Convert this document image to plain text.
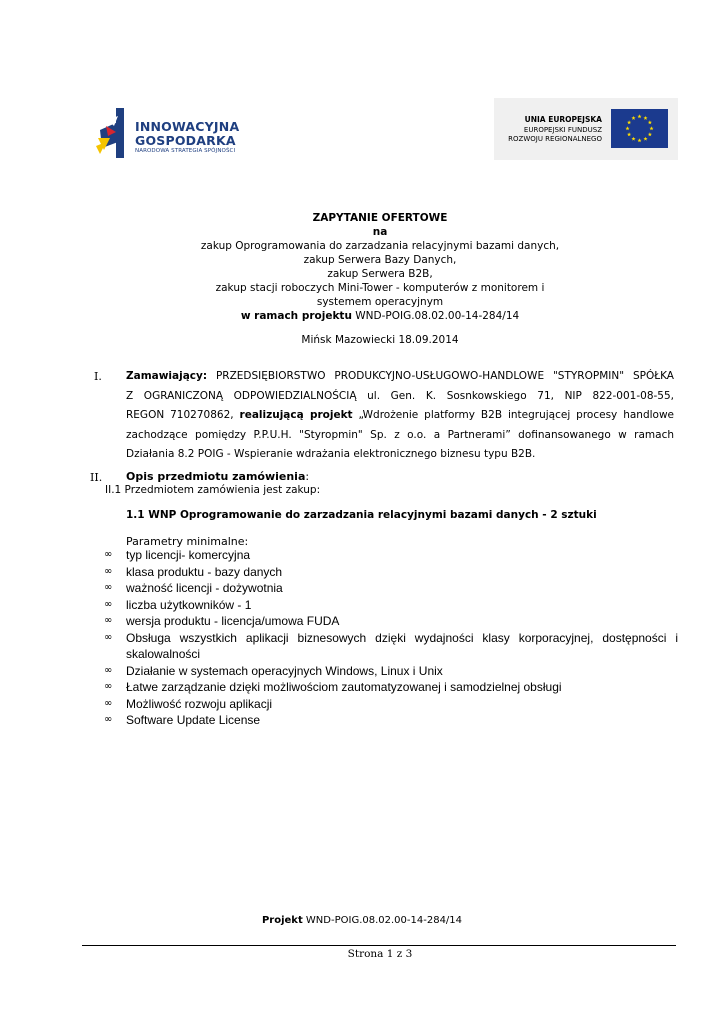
INNOWACYJNA
GOSPODARKA
NARODOWA STRATEGIA SPÓJNOŚCI
UNIA EUROPEJSKA
EUROPEJSKI FUNDUSZ
ROZWOJU REGIONALNEGO
ZAPYTANIE OFERTOWE
na
zakup Oprogramowania do zarzadzania relacyjnymi bazami danych,
zakup Serwera Bazy Danych,
zakup Serwera B2B,
zakup stacji roboczych Mini-Tower - komputerów z monitorem i
systemem operacyjnym
w ramach projektu WND-POIG.08.02.00-14-284/14
Mińsk Mazowiecki 18.09.2014
I. Zamawiający: PRZEDSIĘBIORSTWO PRODUKCYJNO-USŁUGOWO-HANDLOWE "STYROPMIN" SPÓŁKA
Z OGRANICZONĄ ODPOWIEDZIALNOŚCIĄ ul. Gen. K. Sosnkowskiego 71, NIP 822-001-08-55,
REGON 710270862, realizującą projekt „Wdrożenie platformy B2B integrującej procesy handlowe
zachodzące pomiędzy P.P.U.H. "Styropmin" Sp. z o.o. a Partnerami” dofinansowanego w ramach
Działania 8.2 POIG - Wspieranie wdrażania elektronicznego biznesu typu B2B.
II. Opis przedmiotu zamówienia:
II.1 Przedmiotem zamówienia jest zakup:
1.1 WNP Oprogramowanie do zarzadzania relacyjnymi bazami danych - 2 sztuki
Parametry minimalne:
∞ typ licencji- komercyjna
∞ klasa produktu - bazy danych
∞ ważność licencji - dożywotnia
∞ liczba użytkowników - 1
∞ wersja produktu - licencja/umowa FUDA
∞ Obsługa wszystkich aplikacji biznesowych dzięki wydajności klasy korporacyjnej, dostępności i skalowalności
∞ Działanie w systemach operacyjnych Windows, Linux i Unix
∞ Łatwe zarządzanie dzięki możliwościom zautomatyzowanej i samodzielnej obsługi
∞ Możliwość rozwoju aplikacji
∞ Software Update License
Projekt WND-POIG.08.02.00-14-284/14
Strona 1 z 3
